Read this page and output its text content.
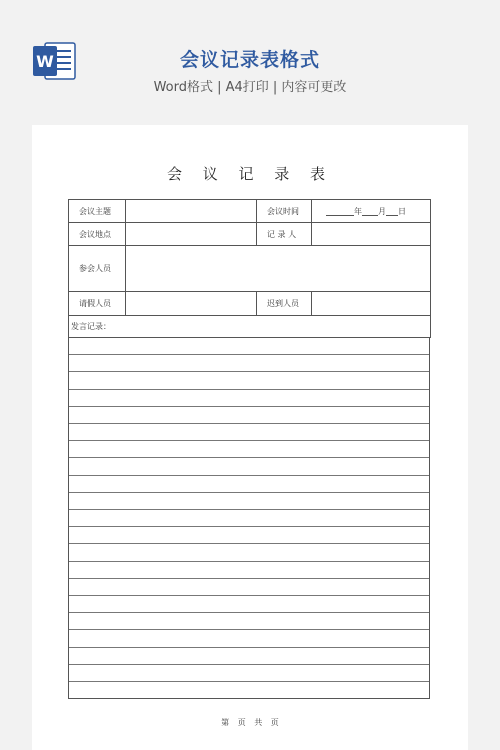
W	会议记录表格式
Word格式 | A4打印 | 内容可更改
会 议 记 录 表
会议主题		会议时间	年 月 日
会议地点		记 录 人	
参会人员			
请假人员		迟到人员	
发言记录：			
第 页 共 页
